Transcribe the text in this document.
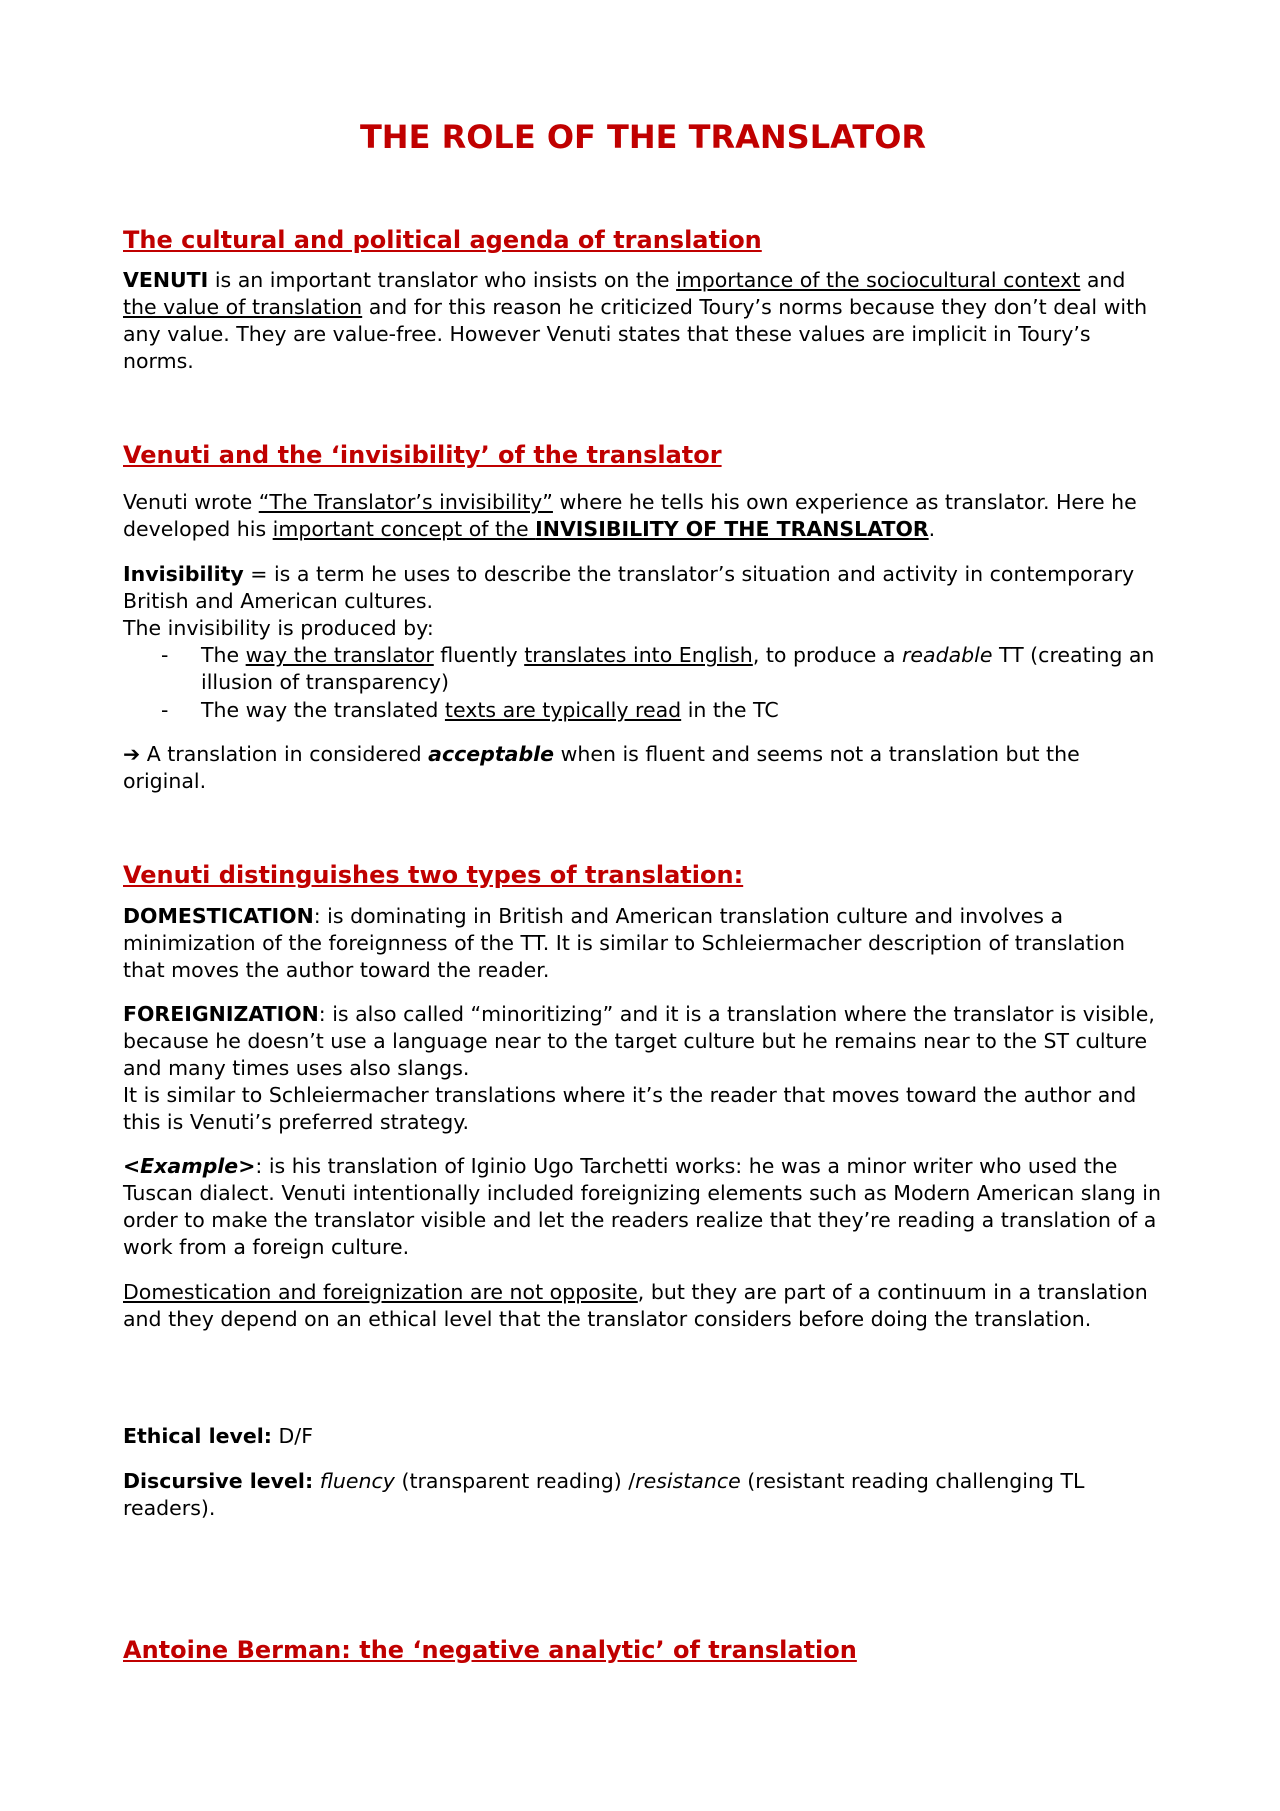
THE ROLE OF THE TRANSLATOR
The cultural and political agenda of translation

VENUTI is an important translator who insists on the importance of the sociocultural context and the value of translation and for this reason he criticized Toury’s norms because they don’t deal with any value. They are value-free. However Venuti states that these values are implicit in Toury’s norms.

Venuti and the ‘invisibility’ of the translator

Venuti wrote “The Translator’s invisibility” where he tells his own experience as translator. Here he developed his important concept of the INVISIBILITY OF THE TRANSLATOR.

Invisibility = is a term he uses to describe the translator’s situation and activity in contemporary British and American cultures.

The invisibility is produced by:

- The way the translator fluently translates into English, to produce a readable TT (creating an illusion of transparency)
- The way the translated texts are typically read in the TC

➔ A translation in considered acceptable when is fluent and seems not a translation but the original.

Venuti distinguishes two types of translation:

DOMESTICATION: is dominating in British and American translation culture and involves a minimization of the foreignness of the TT. It is similar to Schleiermacher description of translation that moves the author toward the reader.

FOREIGNIZATION: is also called “minoritizing” and it is a translation where the translator is visible, because he doesn’t use a language near to the target culture but he remains near to the ST culture and many times uses also slangs.

It is similar to Schleiermacher translations where it’s the reader that moves toward the author and this is Venuti’s preferred strategy.

<Example>: is his translation of Iginio Ugo Tarchetti works: he was a minor writer who used the Tuscan dialect. Venuti intentionally included foreignizing elements such as Modern American slang in order to make the translator visible and let the readers realize that they’re reading a translation of a work from a foreign culture.

Domestication and foreignization are not opposite, but they are part of a continuum in a translation and they depend on an ethical level that the translator considers before doing the translation.

Ethical level: D/F

Discursive level: fluency (transparent reading) /resistance (resistant reading challenging TL readers).

Antoine Berman: the ‘negative analytic’ of translation
